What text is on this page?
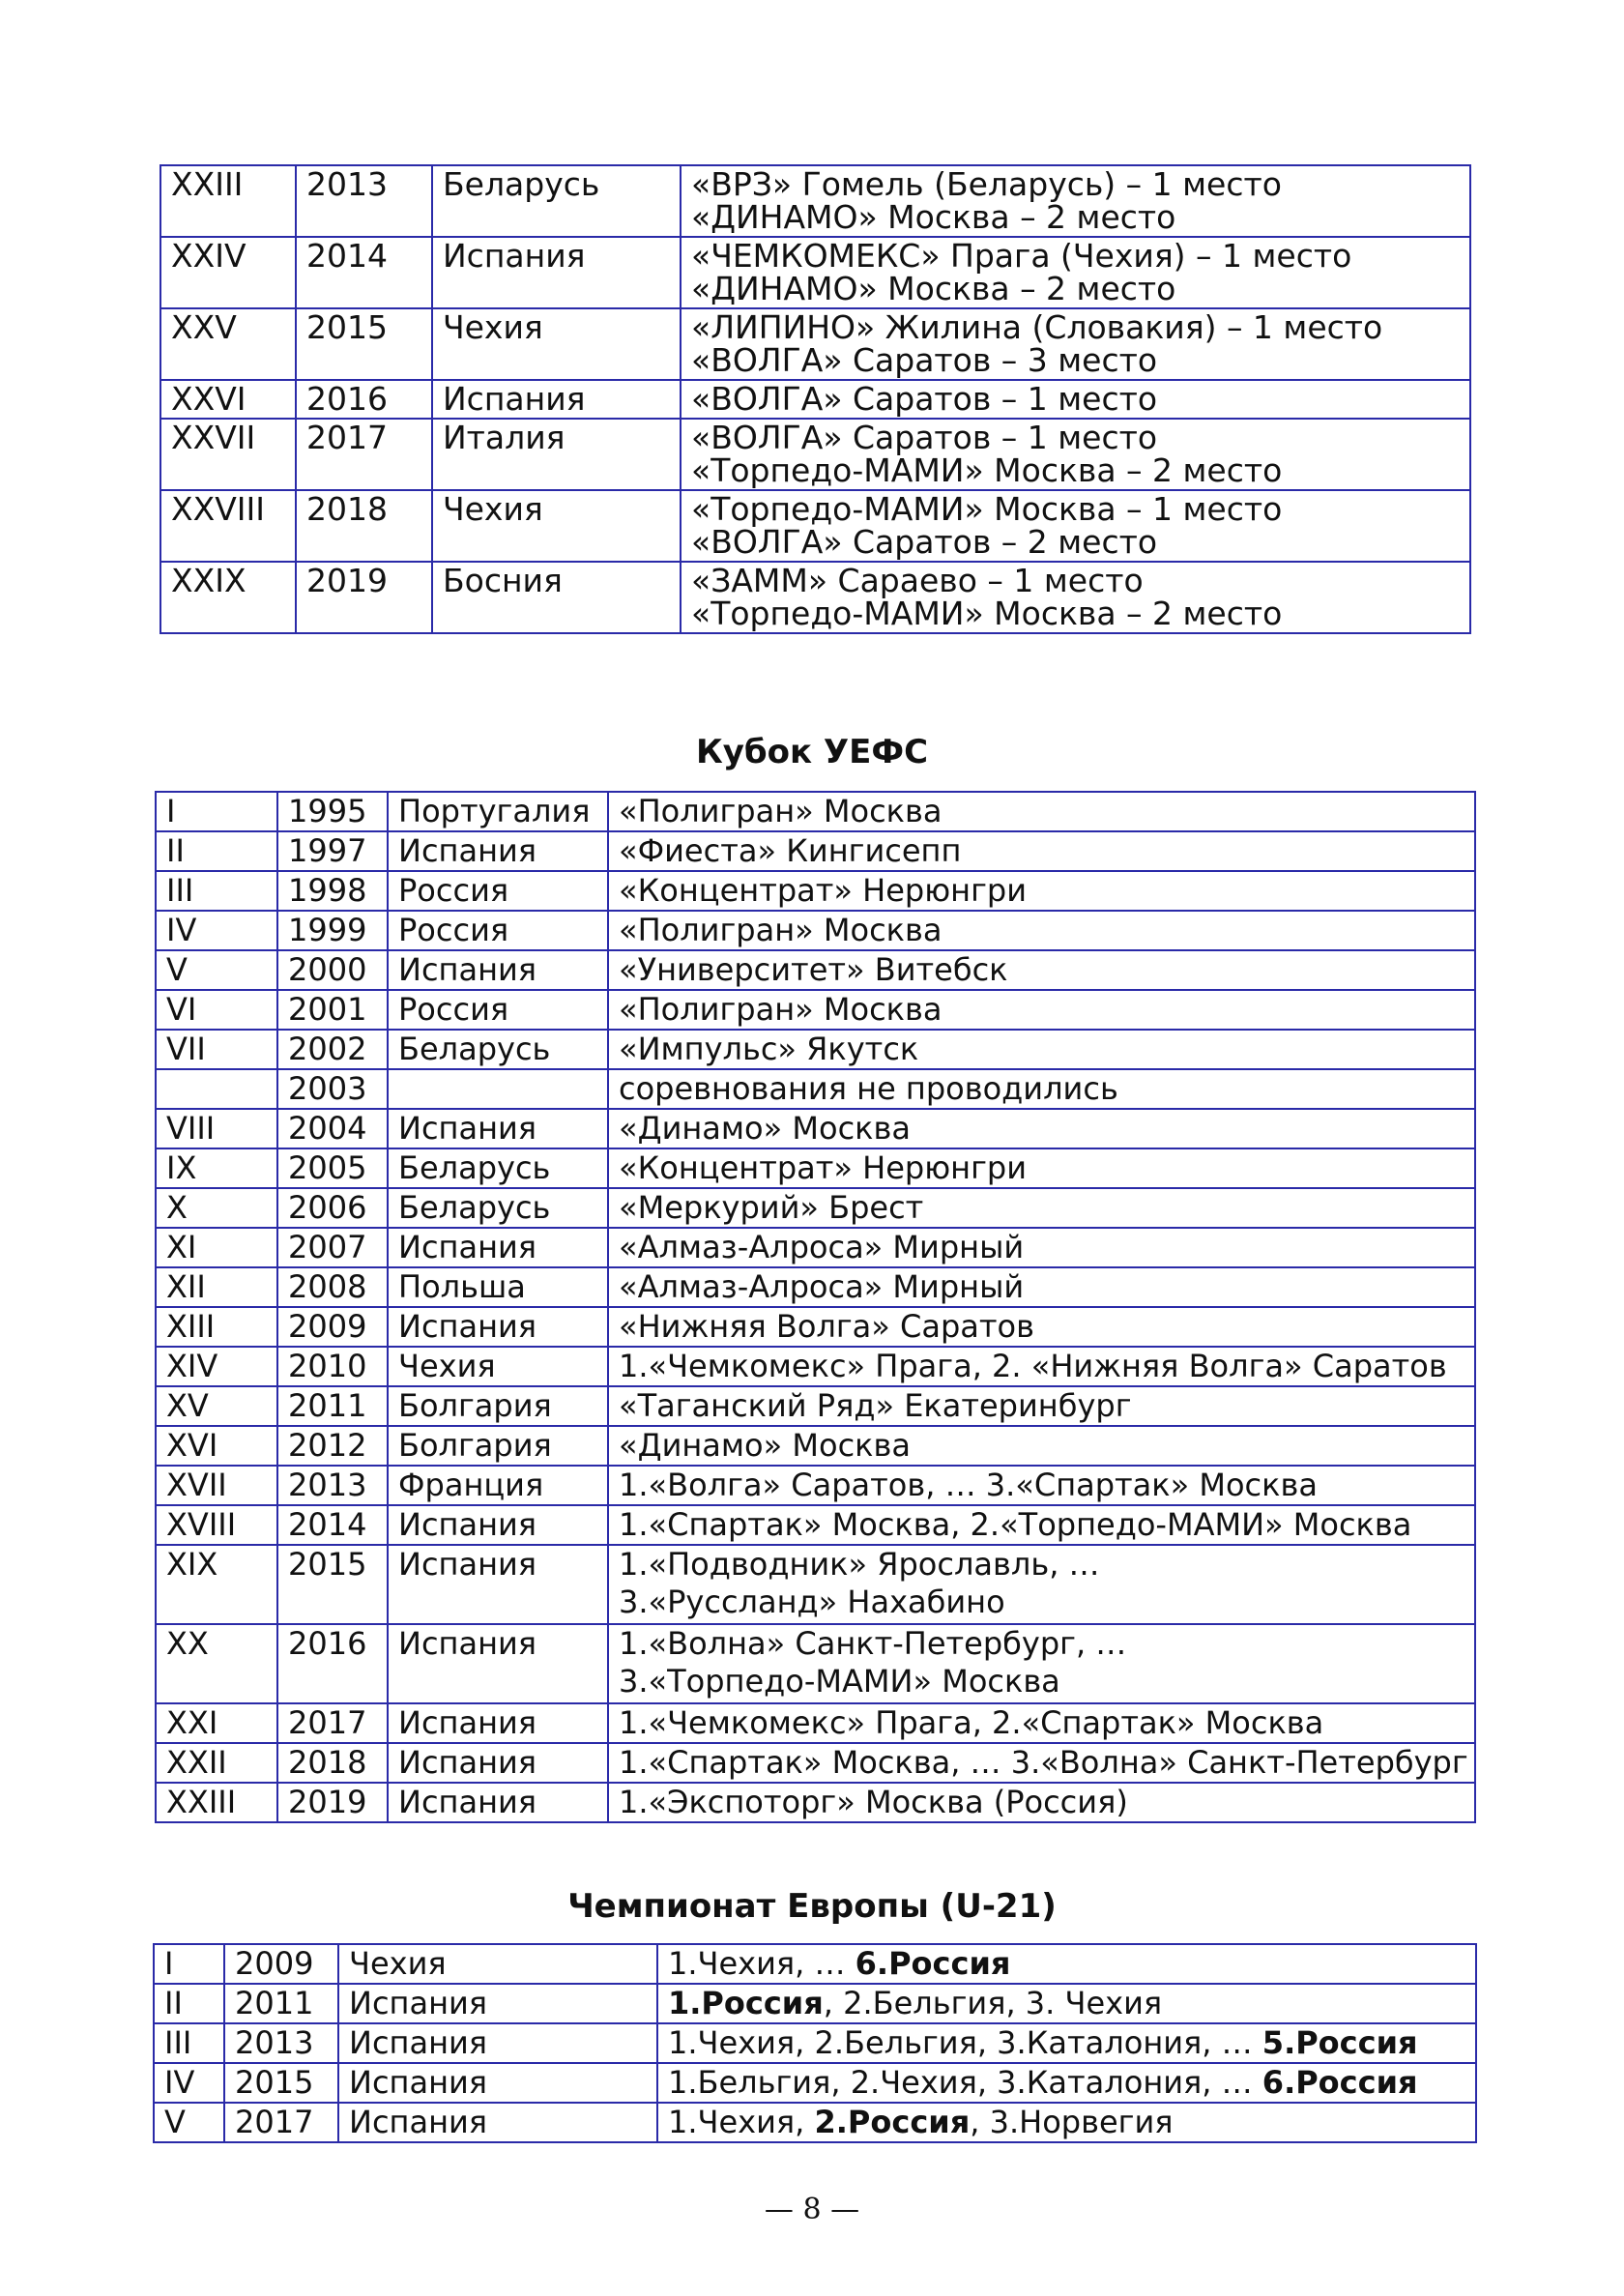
XXIII	2013	Беларусь	«ВРЗ» Гомель (Беларусь) – 1 место
«ДИНАМО» Москва – 2 место

XXIV	2014	Испания	«ЧЕМКОМЕКС» Прага (Чехия) – 1 место
«ДИНАМО» Москва – 2 место

XXV	2015	Чехия	«ЛИПИНО» Жилина (Словакия) – 1 место
«ВОЛГА» Саратов – 3 место

XXVI	2016	Испания	«ВОЛГА» Саратов – 1 место

XXVII	2017	Италия	«ВОЛГА» Саратов – 1 место
«Торпедо-МАМИ» Москва – 2 место

XXVIII	2018	Чехия	«Торпедо-МАМИ» Москва – 1 место
«ВОЛГА» Саратов – 2 место

XXIX	2019	Босния	«ЗАММ» Сараево – 1 место
«Торпедо-МАМИ» Москва – 2 место
Кубок УЕФС
I	1995	Португалия	«Полигран» Москва

II	1997	Испания	«Фиеста» Кингисепп

III	1998	Россия	«Концентрат» Нерюнгри

IV	1999	Россия	«Полигран» Москва

V	2000	Испания	«Университет» Витебск

VI	2001	Россия	«Полигран» Москва

VII	2002	Беларусь	«Импульс» Якутск

	2003		соревнования не проводились

VIII	2004	Испания	«Динамо» Москва

IX	2005	Беларусь	«Концентрат» Нерюнгри

X	2006	Беларусь	«Меркурий» Брест

XI	2007	Испания	«Алмаз-Алроса» Мирный

XII	2008	Польша	«Алмаз-Алроса» Мирный

XIII	2009	Испания	«Нижняя Волга» Саратов

XIV	2010	Чехия	1.«Чемкомекс» Прага, 2. «Нижняя Волга» Саратов

XV	2011	Болгария	«Таганский Ряд» Екатеринбург

XVI	2012	Болгария	«Динамо» Москва

XVII	2013	Франция	1.«Волга» Саратов, … 3.«Спартак» Москва

XVIII	2014	Испания	1.«Спартак» Москва, 2.«Торпедо-МАМИ» Москва

XIX	2015	Испания	1.«Подводник» Ярославль, …
3.«Руссланд» Нахабино

XX	2016	Испания	1.«Волна» Санкт-Петербург, …
3.«Торпедо-МАМИ» Москва

XXI	2017	Испания	1.«Чемкомекс» Прага, 2.«Спартак» Москва

XXII	2018	Испания	1.«Спартак» Москва, … 3.«Волна» Санкт-Петербург

XXIII	2019	Испания	1.«Экспоторг» Москва (Россия)
Чемпионат Европы (U-21)
I	2009	Чехия	1.Чехия, … 6.Россия
II	2011	Испания	1.Россия, 2.Бельгия, 3. Чехия
III	2013	Испания	1.Чехия, 2.Бельгия, 3.Каталония, … 5.Россия
IV	2015	Испания	1.Бельгия, 2.Чехия, 3.Каталония, … 6.Россия
V	2017	Испания	1.Чехия, 2.Россия, 3.Норвегия
— 8 —
